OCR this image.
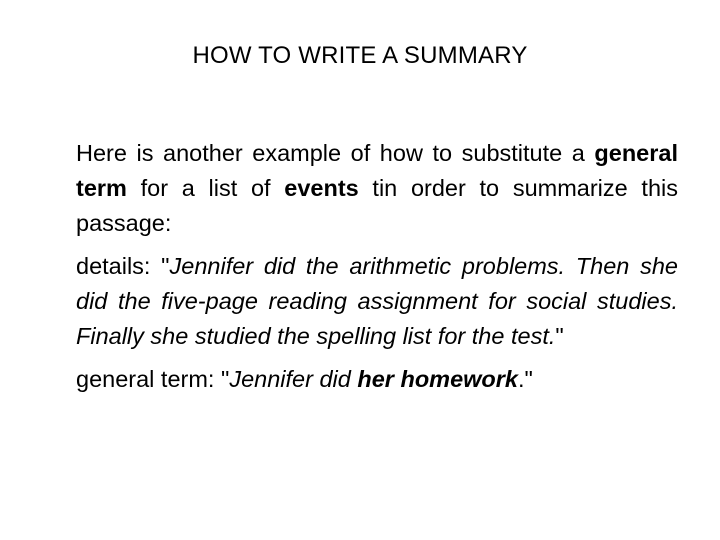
HOW TO WRITE A SUMMARY

Here is another example of how to substitute a general term for a list of events tin order to summarize this passage:

details: "Jennifer did the arithmetic problems. Then she did the five-page reading assignment for social studies. Finally she studied the spelling list for the test."

general term: "Jennifer did her homework."
